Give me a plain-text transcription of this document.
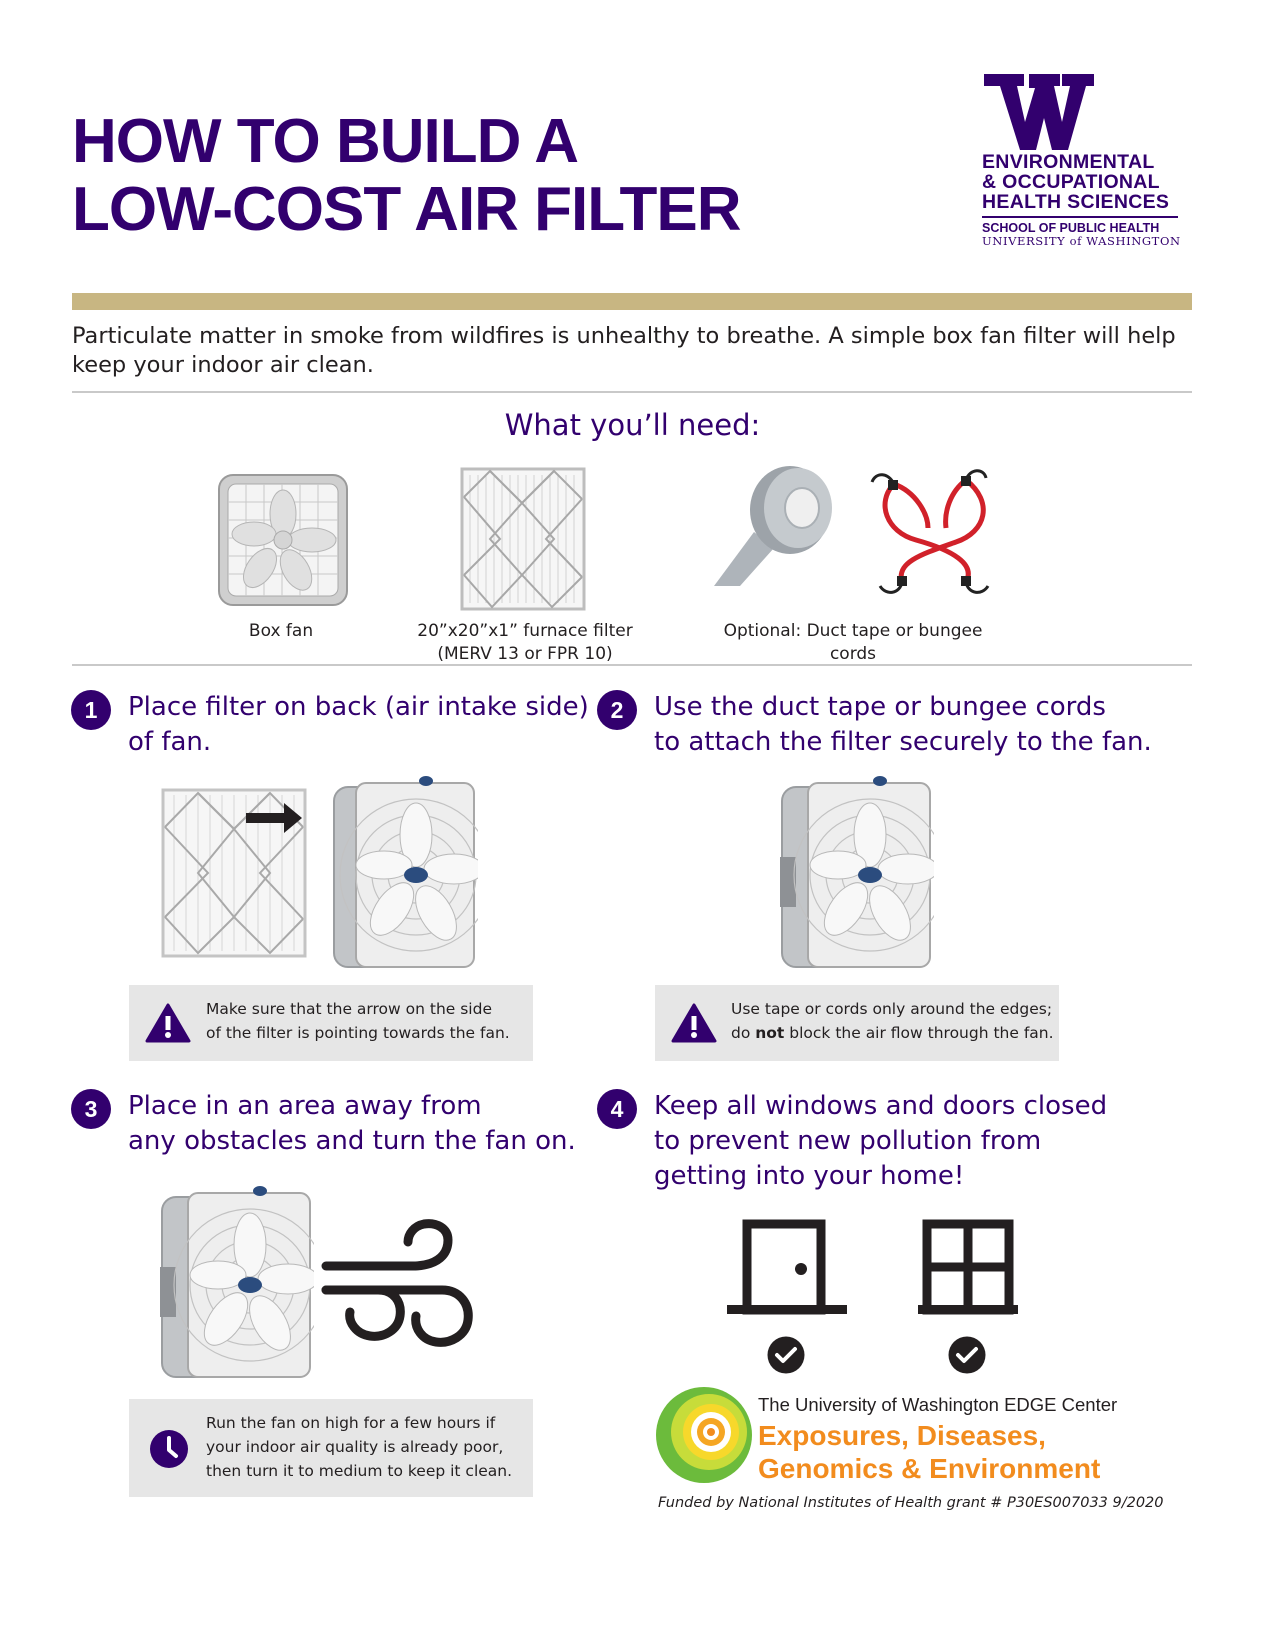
HOW TO BUILD A
LOW-COST AIR FILTER
ENVIRONMENTAL
& OCCUPATIONAL
HEALTH SCIENCES
SCHOOL OF PUBLIC HEALTH
UNIVERSITY of WASHINGTON
Particulate matter in smoke from wildfires is unhealthy to breathe. A simple box fan filter will help keep your indoor air clean.
What you’ll need:
Box fan	20”x20”x1” furnace filter
(MERV 13 or FPR 10)
Optional: Duct tape or bungee
cords
1	Place filter on back (air intake side)
of fan.
Make sure that the arrow on the side
of the filter is pointing towards the fan.
2	Use the duct tape or bungee cords
to attach the filter securely to the fan.
Use tape or cords only around the edges;
do not block the air flow through the fan.
3	Place in an area away from
any obstacles and turn the fan on.
Run the fan on high for a few hours if
your indoor air quality is already poor,
then turn it to medium to keep it clean.
4	Keep all windows and doors closed
to prevent new pollution from
getting into your home!
The University of Washington EDGE Center
Exposures, Diseases,
Genomics & Environment
Funded by National Institutes of Health grant # P30ES007033 9/2020
